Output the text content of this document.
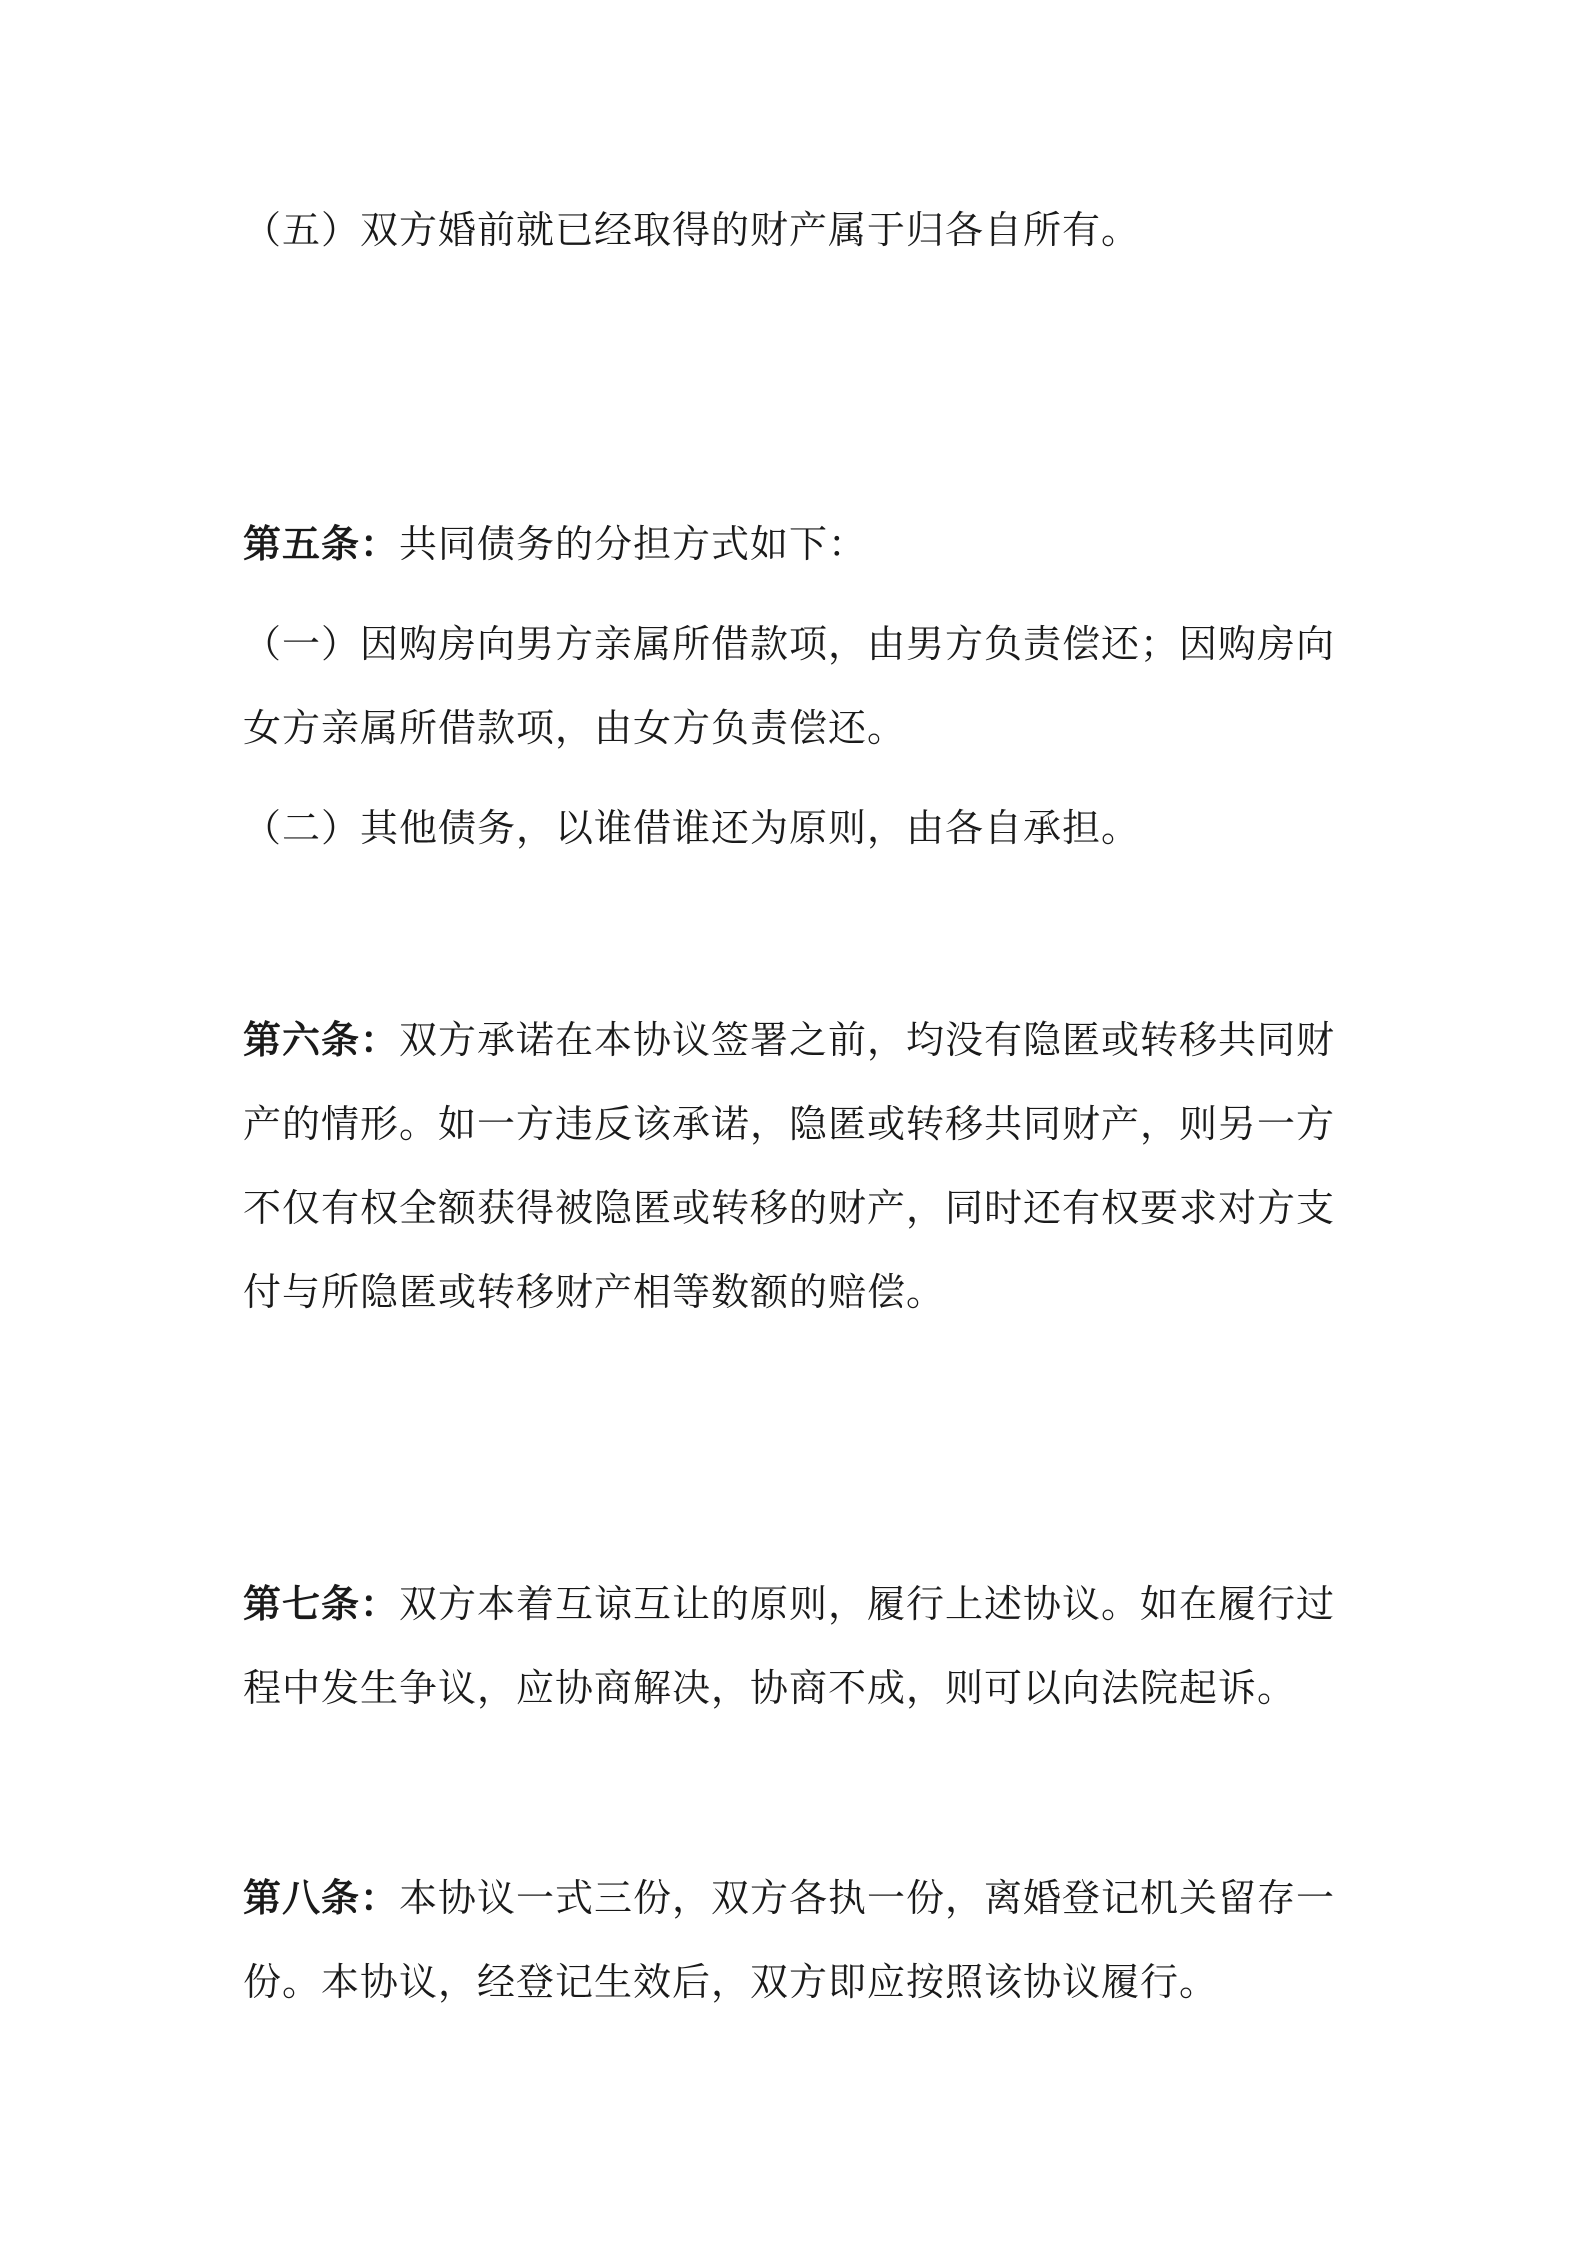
（五）双方婚前就已经取得的财产属于归各自所有。
第五条：共同债务的分担方式如下：
（一）因购房向男方亲属所借款项，由男方负责偿还；因购房向
女方亲属所借款项，由女方负责偿还。
（二）其他债务，以谁借谁还为原则，由各自承担。
第六条：双方承诺在本协议签署之前，均没有隐匿或转移共同财
产的情形。如一方违反该承诺，隐匿或转移共同财产，则另一方
不仅有权全额获得被隐匿或转移的财产，同时还有权要求对方支
付与所隐匿或转移财产相等数额的赔偿。
第七条：双方本着互谅互让的原则，履行上述协议。如在履行过
程中发生争议，应协商解决，协商不成，则可以向法院起诉。
第八条：本协议一式三份，双方各执一份，离婚登记机关留存一
份。本协议，经登记生效后，双方即应按照该协议履行。
